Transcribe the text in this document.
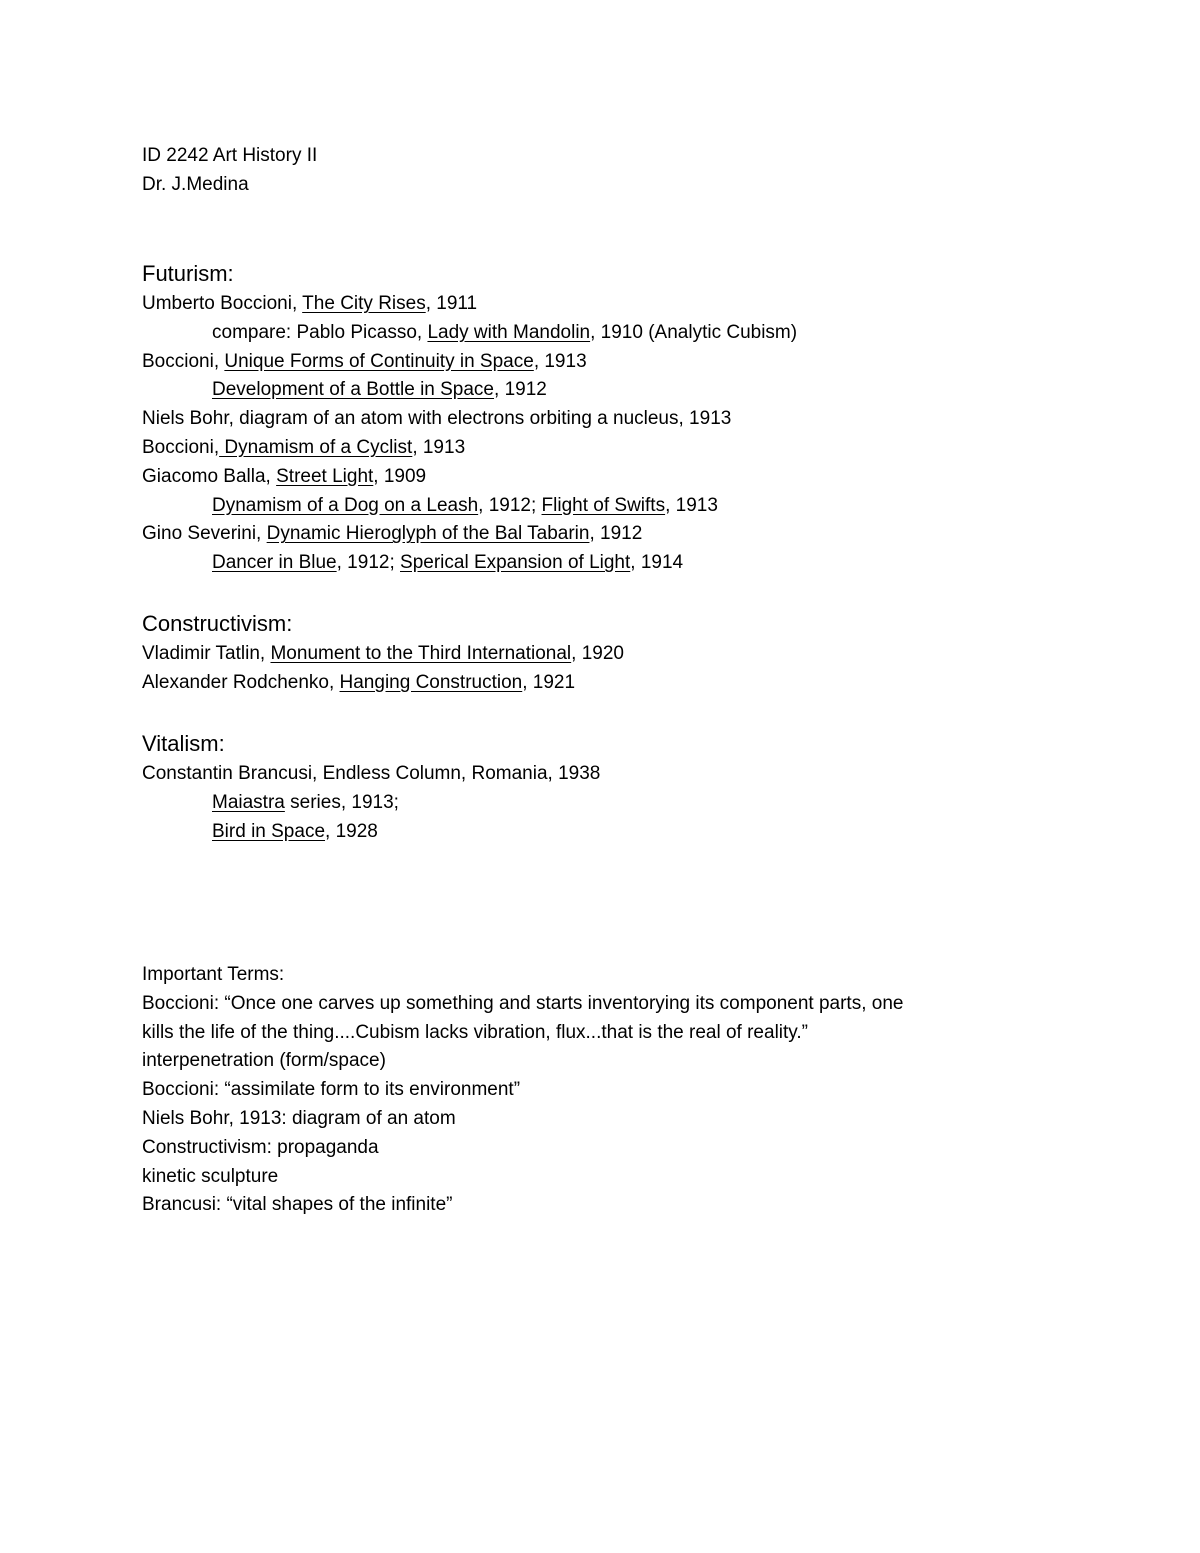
ID 2242 Art History II
Dr. J.Medina
Futurism:
Umberto Boccioni, The City Rises, 1911
compare: Pablo Picasso, Lady with Mandolin, 1910 (Analytic Cubism)
Boccioni, Unique Forms of Continuity in Space, 1913
Development of a Bottle in Space, 1912
Niels Bohr, diagram of an atom with electrons orbiting a nucleus, 1913
Boccioni, Dynamism of a Cyclist, 1913
Giacomo Balla, Street Light, 1909
Dynamism of a Dog on a Leash, 1912; Flight of Swifts, 1913
Gino Severini, Dynamic Hieroglyph of the Bal Tabarin, 1912
Dancer in Blue, 1912; Sperical Expansion of Light, 1914
Constructivism:
Vladimir Tatlin, Monument to the Third International, 1920
Alexander Rodchenko, Hanging Construction, 1921
Vitalism:
Constantin Brancusi, Endless Column, Romania, 1938
Maiastra series, 1913;
Bird in Space, 1928
Important Terms:
Boccioni: “Once one carves up something and starts inventorying its component parts, one
kills the life of the thing....Cubism lacks vibration, flux...that is the real of reality.”
interpenetration (form/space)
Boccioni: “assimilate form to its environment”
Niels Bohr, 1913: diagram of an atom
Constructivism: propaganda
kinetic sculpture
Brancusi: “vital shapes of the infinite”
